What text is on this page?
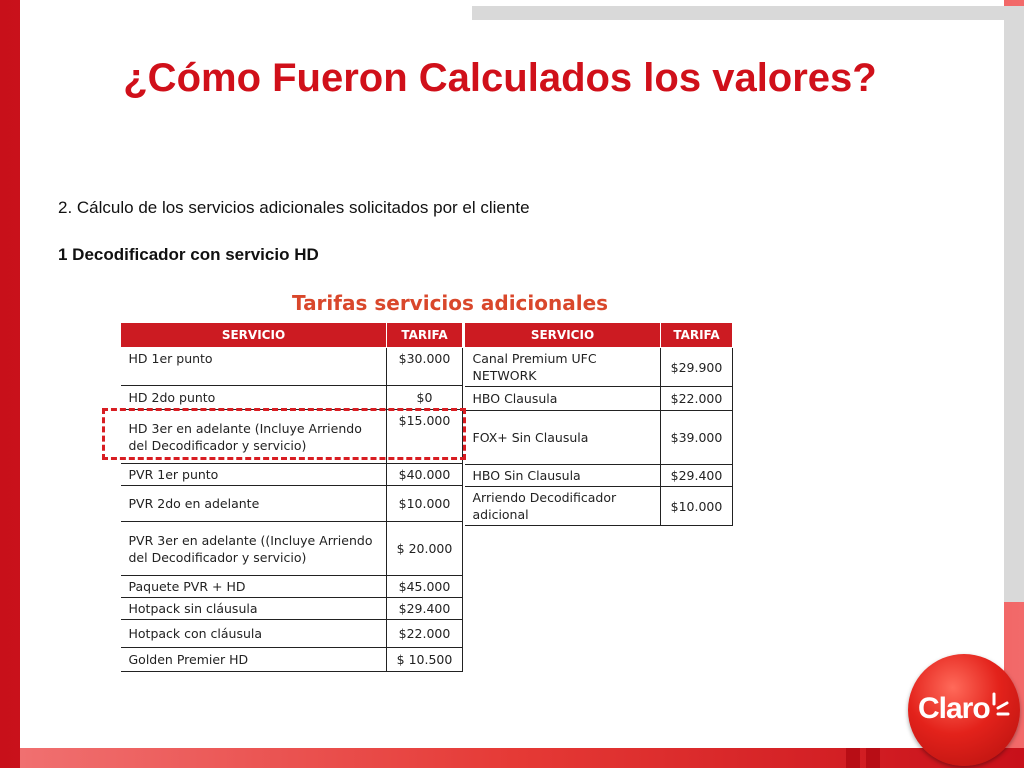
¿Cómo Fueron Calculados los valores?
2. Cálculo de los servicios adicionales solicitados por el cliente
1 Decodificador con servicio HD
Tarifas servicios adicionales
SERVICIO	TARIFA
HD 1er punto	$30.000
HD 2do punto	$0
HD 3er en adelante (Incluye Arriendo del Decodificador y servicio)	$15.000
PVR 1er punto	$40.000
PVR 2do en adelante	$10.000
PVR 3er en adelante ((Incluye Arriendo del Decodificador y servicio)	$ 20.000
Paquete PVR + HD	$45.000
Hotpack sin cláusula	$29.400
Hotpack con cláusula	$22.000
Golden Premier HD	$ 10.500
SERVICIO	TARIFA
Canal Premium UFC NETWORK	$29.900
HBO Clausula	$22.000
FOX+ Sin Clausula	$39.000
HBO Sin Clausula	$29.400
Arriendo Decodificador adicional	$10.000
Claro
